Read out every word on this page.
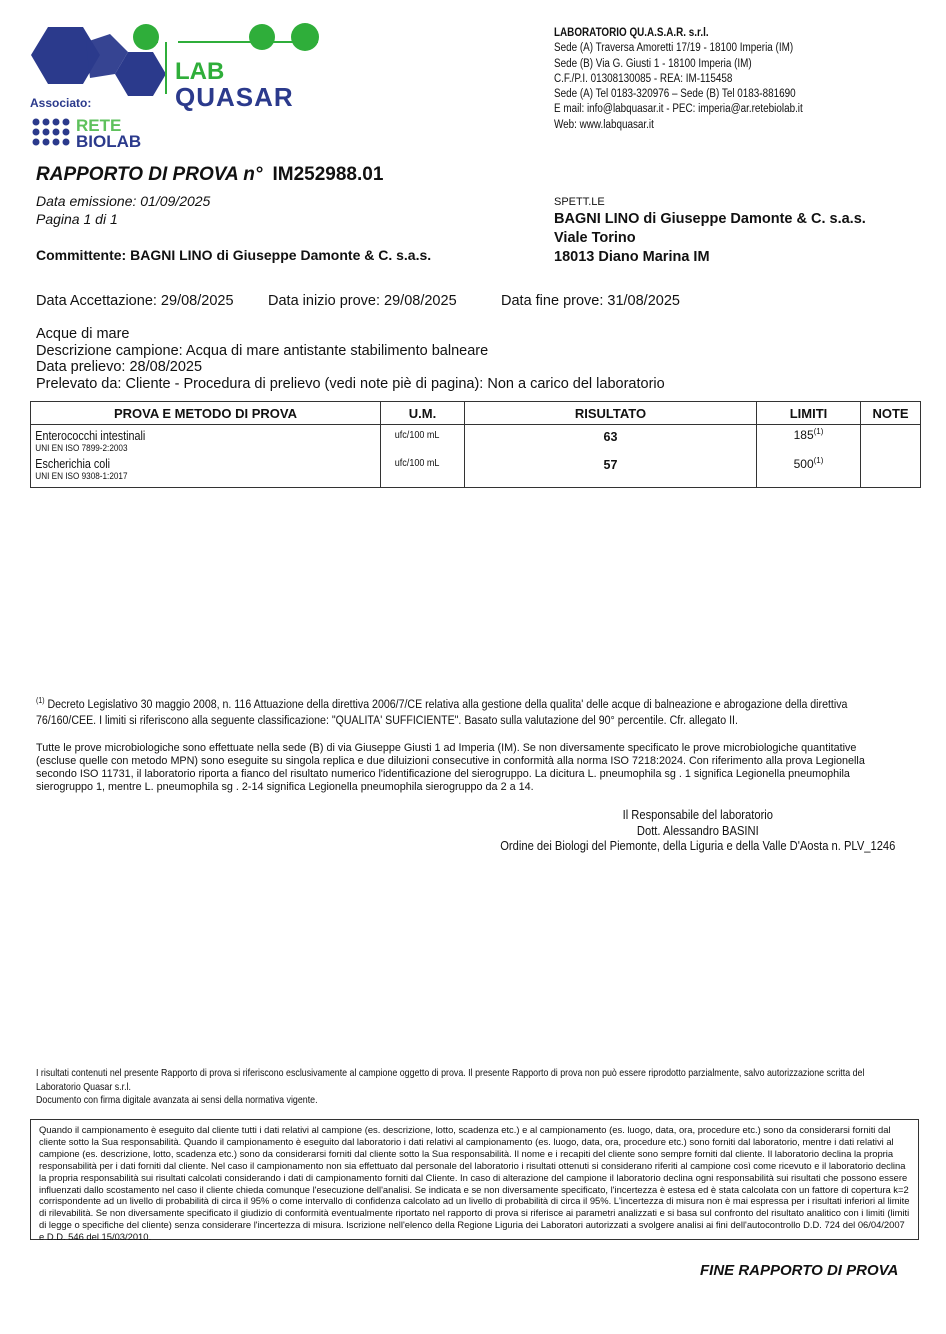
LAB
QUASAR
Associato:
RETE
BIOLAB
LABORATORIO QU.A.S.A.R. s.r.l.
Sede (A) Traversa Amoretti 17/19 - 18100 Imperia (IM)
Sede (B) Via G. Giusti 1 - 18100 Imperia (IM)
C.F./P.I. 01308130085 - REA: IM-115458
Sede (A) Tel 0183-320976 – Sede (B) Tel 0183-881690
E mail: info@labquasar.it - PEC: imperia@ar.retebiolab.it
Web: www.labquasar.it
RAPPORTO DI PROVA n° IM252988.01
Data emissione: 01/09/2025
Pagina 1 di 1
Committente: BAGNI LINO di Giuseppe Damonte & C. s.a.s.
SPETT.LE
BAGNI LINO di Giuseppe Damonte & C. s.a.s.
Viale Torino
18013 Diano Marina IM
Data Accettazione: 29/08/2025 Data inizio prove: 29/08/2025	Data fine prove: 31/08/2025
Acque di mare
Descrizione campione: Acqua di mare antistante stabilimento balneare
Data prelievo: 28/08/2025
Prelevato da: Cliente - Procedura di prelievo (vedi note piè di pagina): Non a carico del laboratorio
PROVA E METODO DI PROVA	U.M.	RISULTATO	LIMITI	NOTE

Enterococchi intestinali
UNI EN ISO 7899-2:2003	ufc/100 mL	63	185$^{(1)}$

Escherichia coli
UNI EN ISO 9308-1:2017	ufc/100 mL	57	500$^{(1)}$

$^{(1)}$ Decreto Legislativo 30 maggio 2008, n. 116 Attuazione della direttiva 2006/7/CE relativa alla gestione della qualita' delle acque di balneazione e abrogazione della direttiva
76/160/CEE. I limiti si riferiscono alla seguente classificazione: "QUALITA' SUFFICIENTE". Basato sulla valutazione del 90° percentile. Cfr. allegato II.
Tutte le prove microbiologiche sono effettuate nella sede (B) di via Giuseppe Giusti 1 ad Imperia (IM). Se non diversamente specificato le prove microbiologiche quantitative (escluse quelle con metodo MPN) sono eseguite su singola replica e due diluizioni consecutive in conformità alla norma ISO 7218:2024. Con riferimento alla prova Legionella secondo ISO 11731, il laboratorio riporta a fianco del risultato numerico l'identificazione del sierogruppo. La dicitura L. pneumophila sg . 1 significa Legionella pneumophila sierogruppo 1, mentre L. pneumophila sg . 2-14 significa Legionella pneumophila sierogruppo da 2 a 14.
Il Responsabile del laboratorio
Dott. Alessandro BASINI
Ordine dei Biologi del Piemonte, della Liguria e della Valle D'Aosta n. PLV_1246
I risultati contenuti nel presente Rapporto di prova si riferiscono esclusivamente al campione oggetto di prova. Il presente Rapporto di prova non può essere riprodotto parzialmente, salvo autorizzazione scritta del
Laboratorio Quasar s.r.l.
Documento con firma digitale avanzata ai sensi della normativa vigente.
Quando il campionamento è eseguito dal cliente tutti i dati relativi al campione (es. descrizione, lotto, scadenza etc.) e al campionamento (es. luogo, data, ora, procedure etc.) sono da considerarsi forniti dal cliente sotto la Sua responsabilità. Quando il campionamento è eseguito dal laboratorio i dati relativi al campionamento (es. luogo, data, ora, procedure etc.) sono forniti dal laboratorio, mentre i dati relativi al campione (es. descrizione, lotto, scadenza etc.) sono da considerarsi forniti dal cliente sotto la Sua responsabilità. Il nome e i recapiti del cliente sono sempre forniti dal cliente. Il laboratorio declina la propria responsabilità per i dati forniti dal cliente. Nel caso il campionamento non sia effettuato dal personale del laboratorio i risultati ottenuti si considerano riferiti al campione così come ricevuto e il laboratorio declina la propria responsabilità sui risultati calcolati considerando i dati di campionamento forniti dal Cliente. In caso di alterazione del campione il laboratorio declina ogni responsabilità sui risultati che possono essere influenzati dallo scostamento nel caso il cliente chieda comunque l'esecuzione dell'analisi. Se indicata e se non diversamente specificato, l'incertezza è estesa ed è stata calcolata con un fattore di copertura k=2 corrispondente ad un livello di probabilità di circa il 95% o come intervallo di confidenza calcolato ad un livello di probabilità di circa il 95%. L'incertezza di misura non è mai espressa per i risultati inferiori al limite di rilevabilità. Se non diversamente specificato il giudizio di conformità eventualmente riportato nel rapporto di prova si riferisce ai parametri analizzati e si basa sul confronto del risultato analitico con i limiti (limiti di legge o specifiche del cliente) senza considerare l'incertezza di misura. Iscrizione nell'elenco della Regione Liguria dei Laboratori autorizzati a svolgere analisi ai fini dell'autocontrollo D.D. 724 del 06/04/2007 e D.D. 546 del 15/03/2010.
FINE RAPPORTO DI PROVA
